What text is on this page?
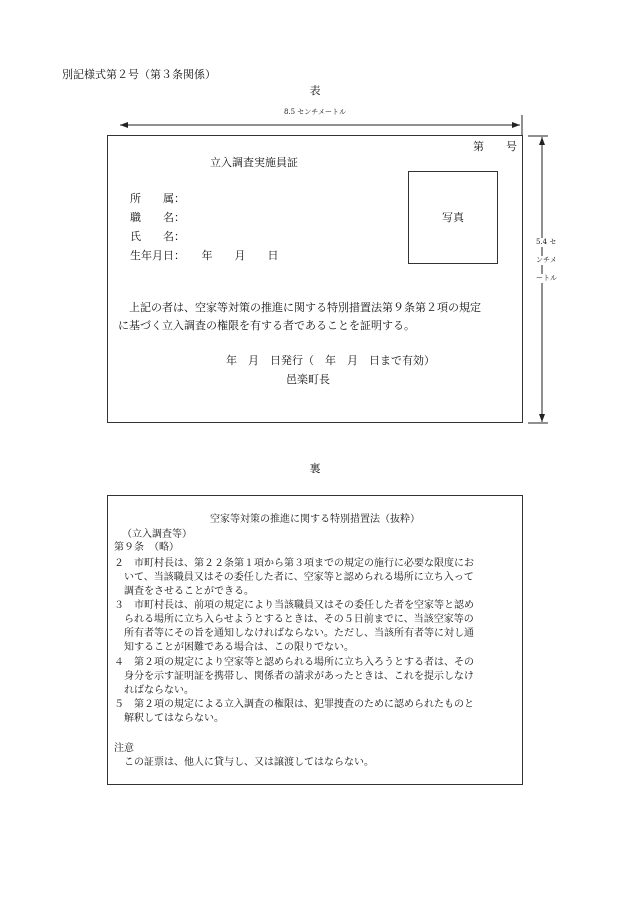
別記様式第２号（第３条関係）
表
8.5 センチメートル
5.4 セ
ンチメ
ートル
第　　号
立入調査実施員証
写真
所　　属：
職　　名：
氏　　名：
生年月日：　　年　　月　　日
　上記の者は、空家等対策の推進に関する特別措置法第９条第２項の規定
に基づく立入調査の権限を有する者であることを証明する。
年　月　日発行（　年　月　日まで有効）
邑楽町長
裏
空家等対策の推進に関する特別措置法（抜粋）
（立入調査等）
第９条　（略）
２　市町村長は、第２２条第１項から第３項までの規定の施行に必要な限度にお
　いて、当該職員又はその委任した者に、空家等と認められる場所に立ち入って
　調査をさせることができる。
３　市町村長は、前項の規定により当該職員又はその委任した者を空家等と認め
　られる場所に立ち入らせようとするときは、その５日前までに、当該空家等の
　所有者等にその旨を通知しなければならない。ただし、当該所有者等に対し通
　知することが困難である場合は、この限りでない。
４　第２項の規定により空家等と認められる場所に立ち入ろうとする者は、その
　身分を示す証明証を携帯し、関係者の請求があったときは、これを提示しなけ
　ればならない。
５　第２項の規定による立入調査の権限は、犯罪捜査のために認められたものと
　解釈してはならない。
注意
　この証票は、他人に貸与し、又は譲渡してはならない。
